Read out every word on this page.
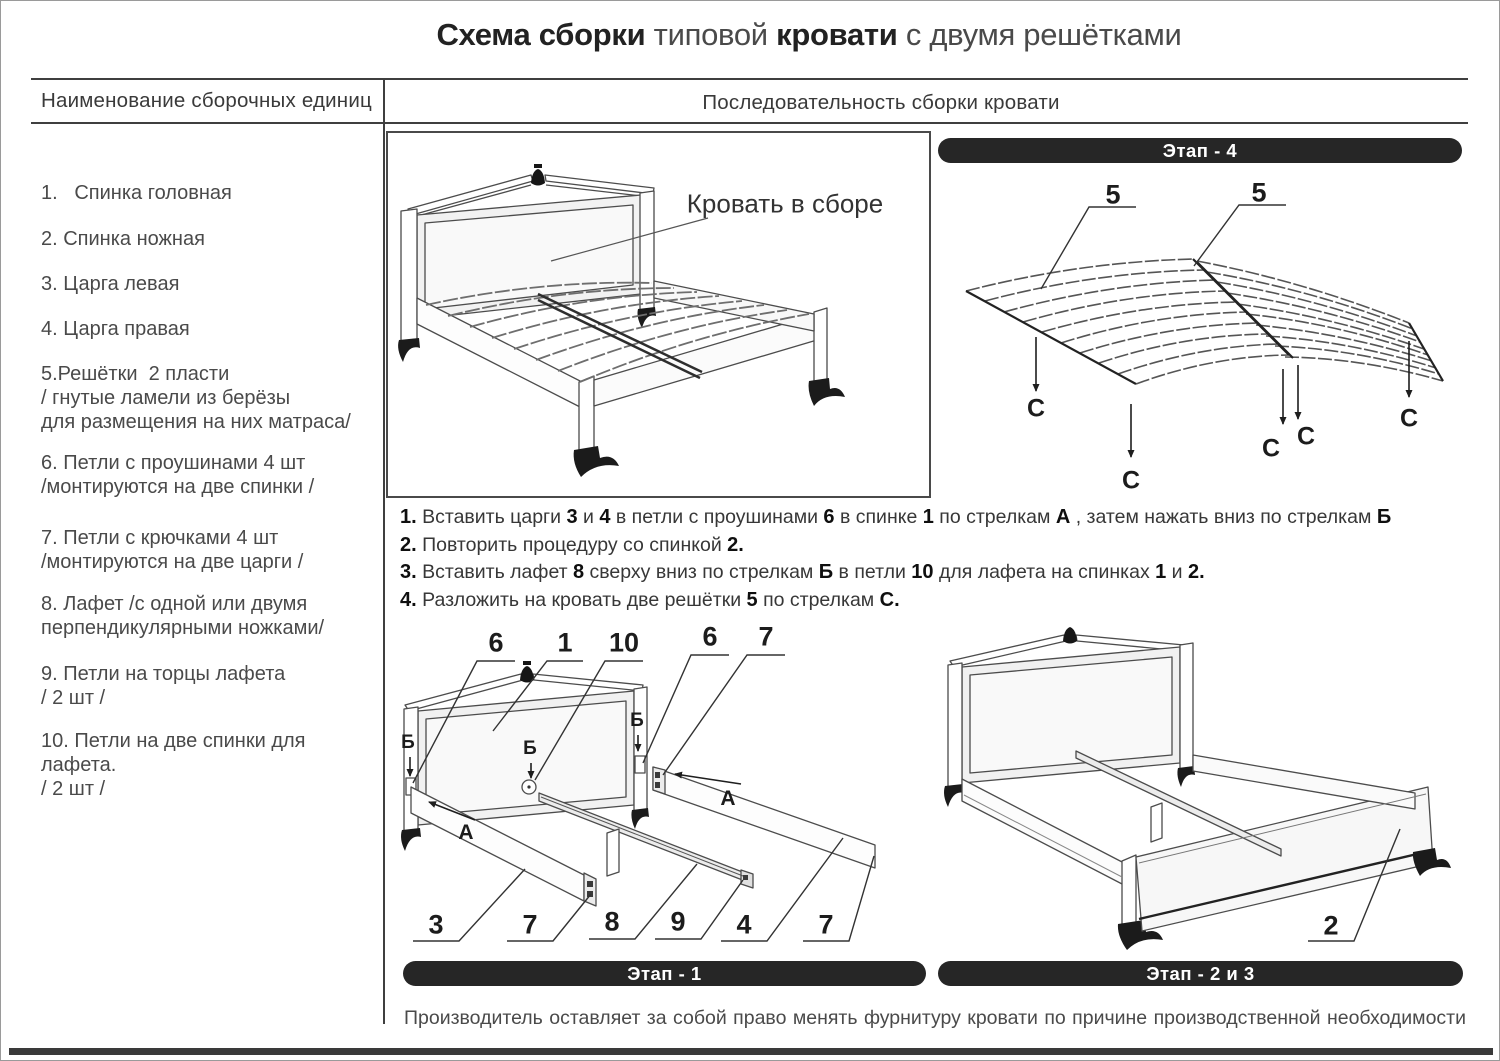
Схема сборки типовой кровати с двумя решётками
Наименование сборочных единиц	Последовательность сборки кровати
1.   Спинка головная
2. Спинка ножная
3. Царга левая
4. Царга правая
5.Решётки  2 пласти
/ гнутые ламели из берёзы
для размещения на них матраса/
6. Петли с проушинами 4 шт
/монтируются на две спинки /
7. Петли с крючками 4 шт
/монтируются на две царги /
8. Лафет /с одной или двумя
перпендикулярными ножками/
9. Петли на торцы лафета
/ 2 шт /
10. Петли на две спинки для лафета.
/ 2 шт /
Кровать в сборе
Этап - 4
5	5
С
С
С С
С
1. Вставить царги 3 и 4 в петли с проушинами 6 в спинке 1 по стрелкам А , затем нажать вниз по стрелкам Б
2. Повторить процедуру со спинкой 2.
3. Вставить лафет 8 сверху вниз по стрелкам Б в петли 10 для лафета на спинках 1 и 2.
4. Разложить на кровать две решётки 5 по стрелкам С.
6 1 10 6 7
Б	Б
Б
А
А
3	7 8 9 4 7	2
Этап - 1	Этап - 2 и 3
Производитель оставляет за собой право менять фурнитуру кровати по причине производственной необходимости
